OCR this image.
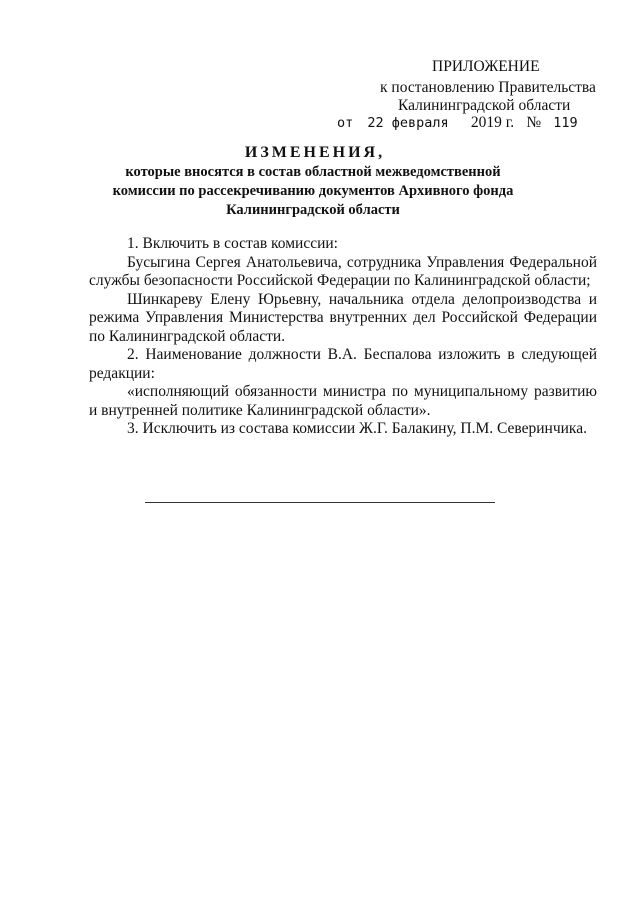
ПРИЛОЖЕНИЕ
к постановлению Правительства
Калининградской области
от 22 февраля 2019 г. № 119
ИЗМЕНЕНИЯ,
которые вносятся в состав областной межведомственной
комиссии по рассекречиванию документов Архивного фонда
Калининградской области

1. Включить в состав комиссии:

Бусыгина Сергея Анатольевича, сотрудника Управления Федеральной службы безопасности Российской Федерации по Калининградской области;

Шинкареву Елену Юрьевну, начальника отдела делопроизводства и режима Управления Министерства внутренних дел Российской Федерации по Калининградской области.

2. Наименование должности В.А. Беспалова изложить в следующей редакции:

«исполняющий обязанности министра по муниципальному развитию и внутренней политике Калининградской области».

3. Исключить из состава комиссии Ж.Г. Балакину, П.М. Северинчика.
